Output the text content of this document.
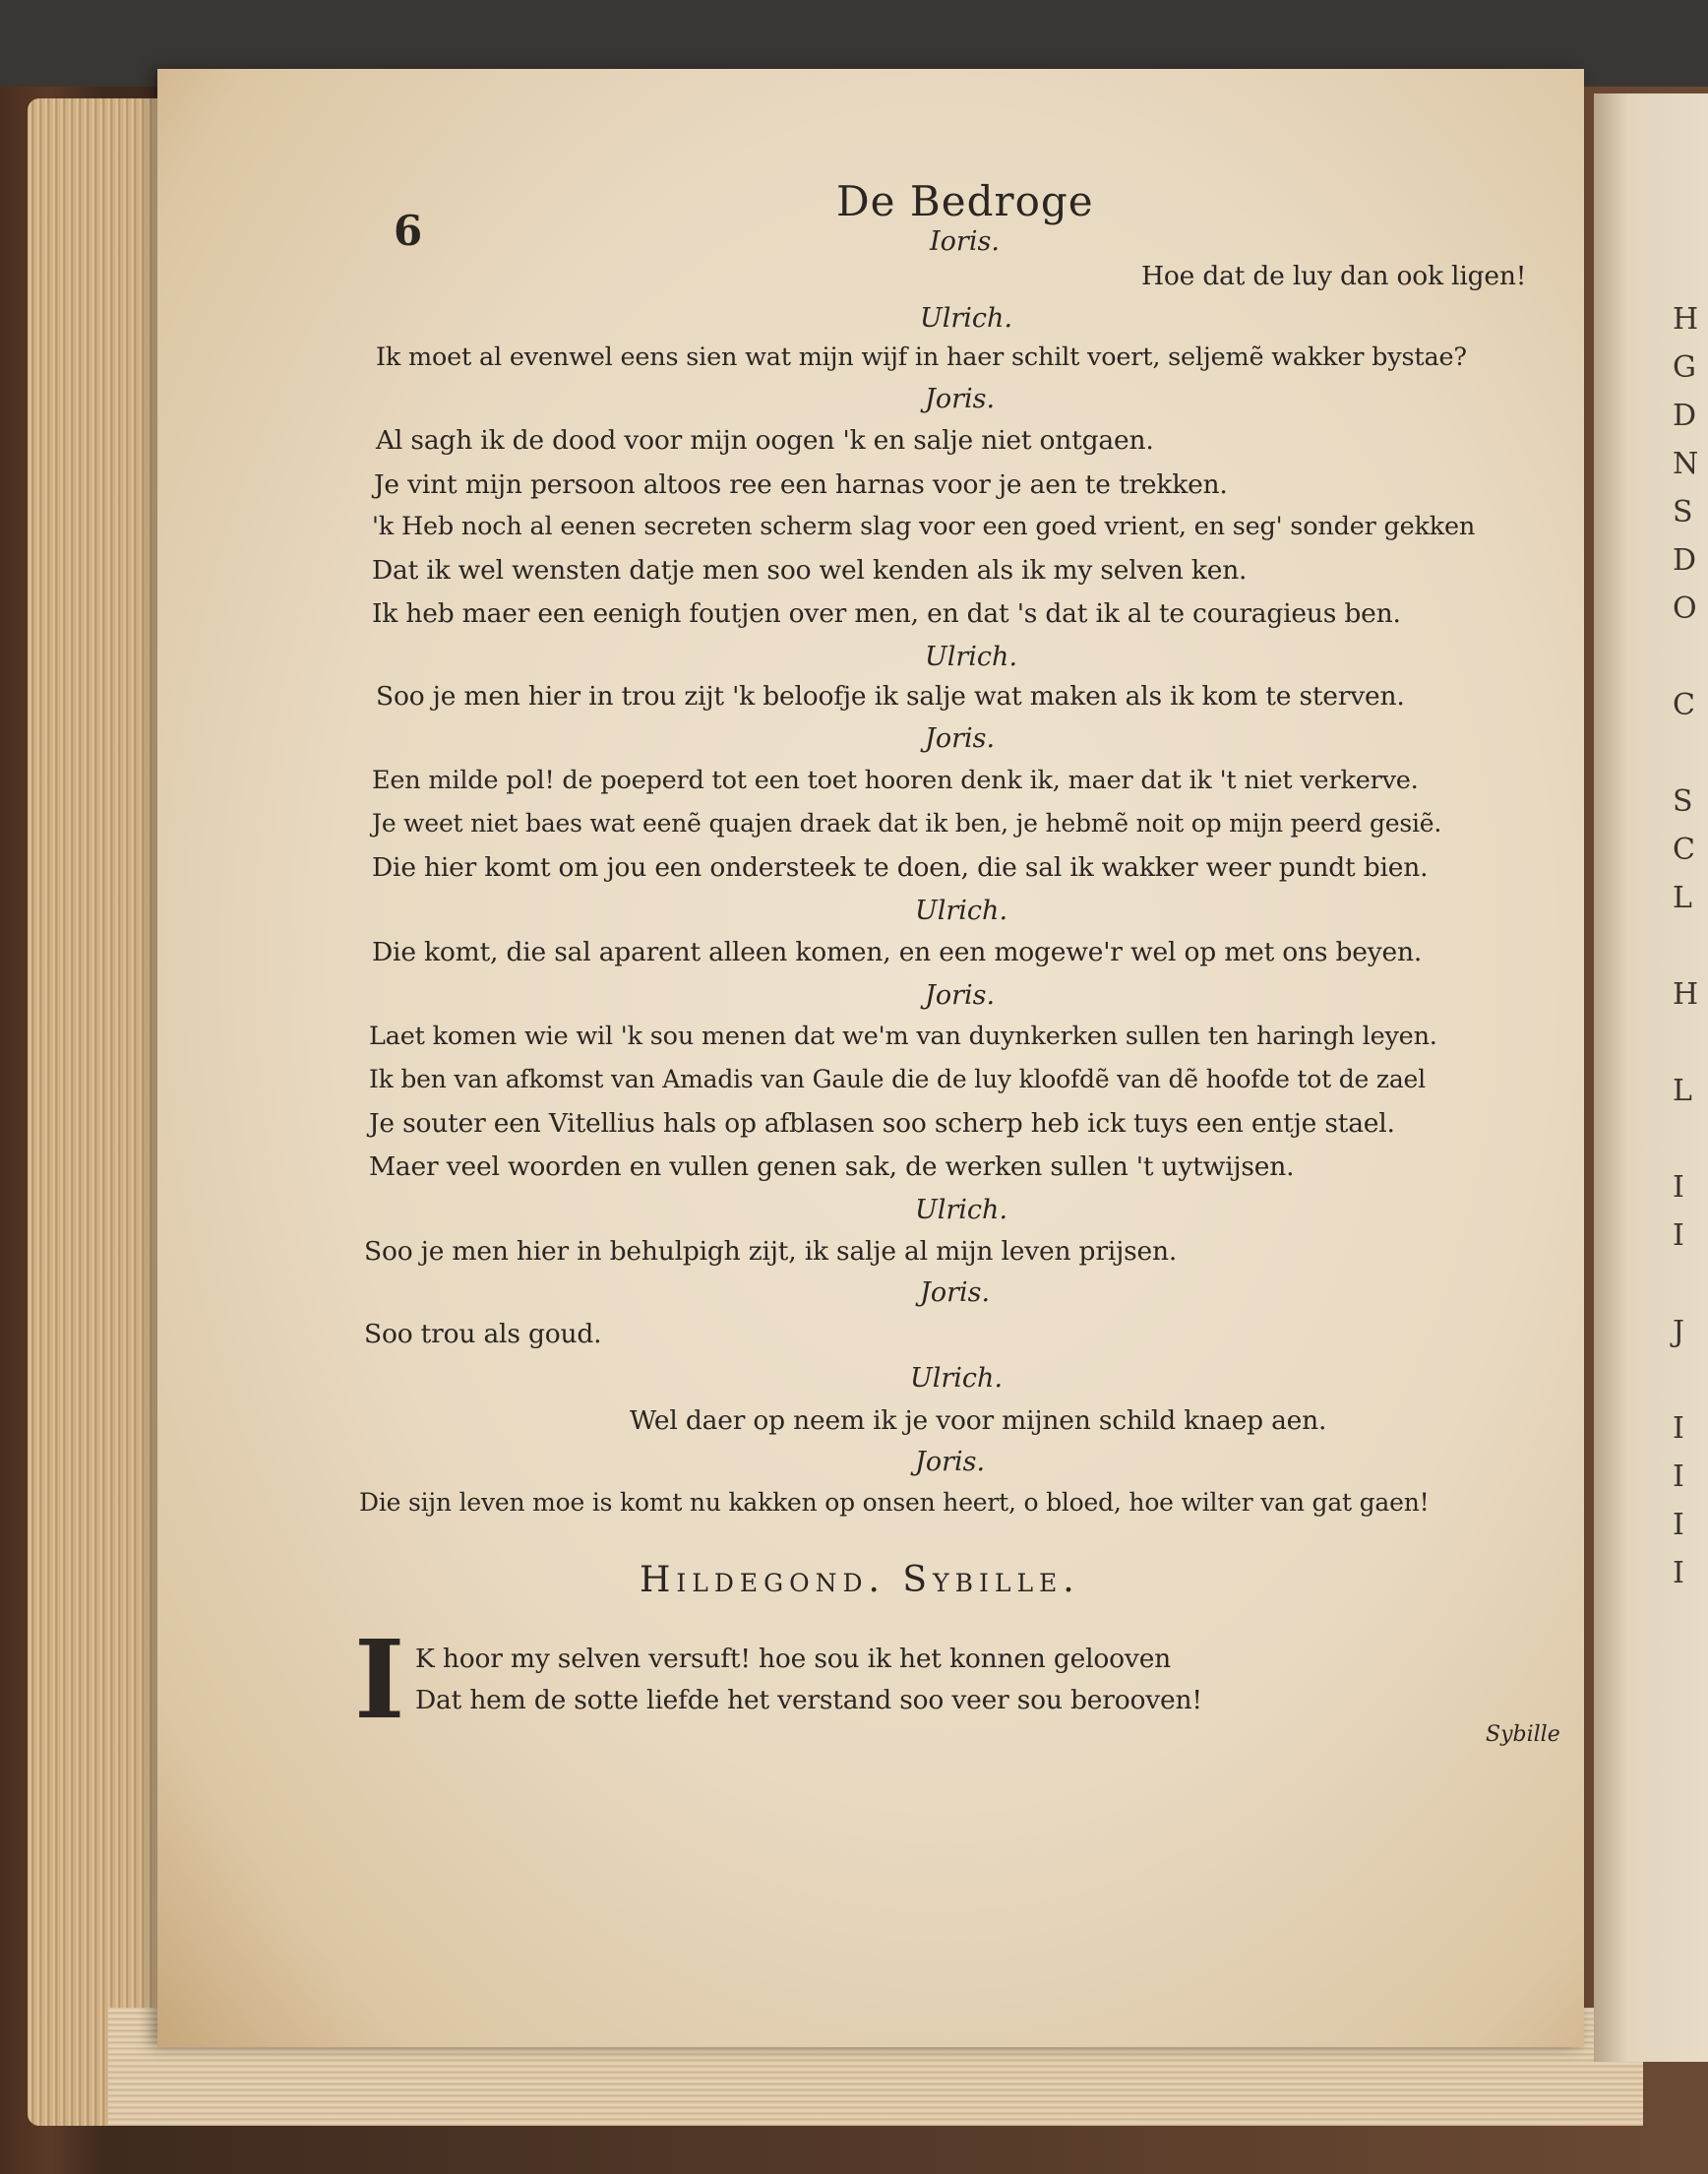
H
G
D
N
S
D
O
C
S
C
L
H
L
I
I
J
I
I
I
I
6
De Bedroge
Ioris.
Hoe dat de luy dan ook ligen!
Ulrich.
Ik moet al evenwel eens sien wat mijn wijf in haer schilt voert, seljemẽ wakker bystae?
Joris.
Al sagh ik de dood voor mijn oogen 'k en salje niet ontgaen.
Je vint mijn persoon altoos ree een harnas voor je aen te trekken.
'k Heb noch al eenen secreten scherm slag voor een goed vrient, en seg' sonder gekken
Dat ik wel wensten datje men soo wel kenden als ik my selven ken.
Ik heb maer een eenigh foutjen over men, en dat 's dat ik al te couragieus ben.
Ulrich.
Soo je men hier in trou zijt 'k beloofje ik salje wat maken als ik kom te sterven.
Joris.
Een milde pol! de poeperd tot een toet hooren denk ik, maer dat ik 't niet verkerve.
Je weet niet baes wat eenẽ quajen draek dat ik ben, je hebmẽ noit op mijn peerd gesiẽ.
Die hier komt om jou een ondersteek te doen, die sal ik wakker weer pundt bien.
Ulrich.
Die komt, die sal aparent alleen komen, en een mogewe'r wel op met ons beyen.
Joris.
Laet komen wie wil 'k sou menen dat we'm van duynkerken sullen ten haringh leyen.
Ik ben van afkomst van Amadis van Gaule die de luy kloofdẽ van dẽ hoofde tot de zael
Je souter een Vitellius hals op afblasen soo scherp heb ick tuys een entje stael.
Maer veel woorden en vullen genen sak, de werken sullen 't uytwijsen.
Ulrich.
Soo je men hier in behulpigh zijt, ik salje al mijn leven prijsen.
Joris.
Soo trou als goud.
Ulrich.
Wel daer op neem ik je voor mijnen schild knaep aen.
Joris.
Die sijn leven moe is komt nu kakken op onsen heert, o bloed, hoe wilter van gat gaen!
Hildegond. Sybille.
I K hoor my selven versuft! hoe sou ik het konnen gelooven
Dat hem de sotte liefde het verstand soo veer sou berooven!
Sybille
